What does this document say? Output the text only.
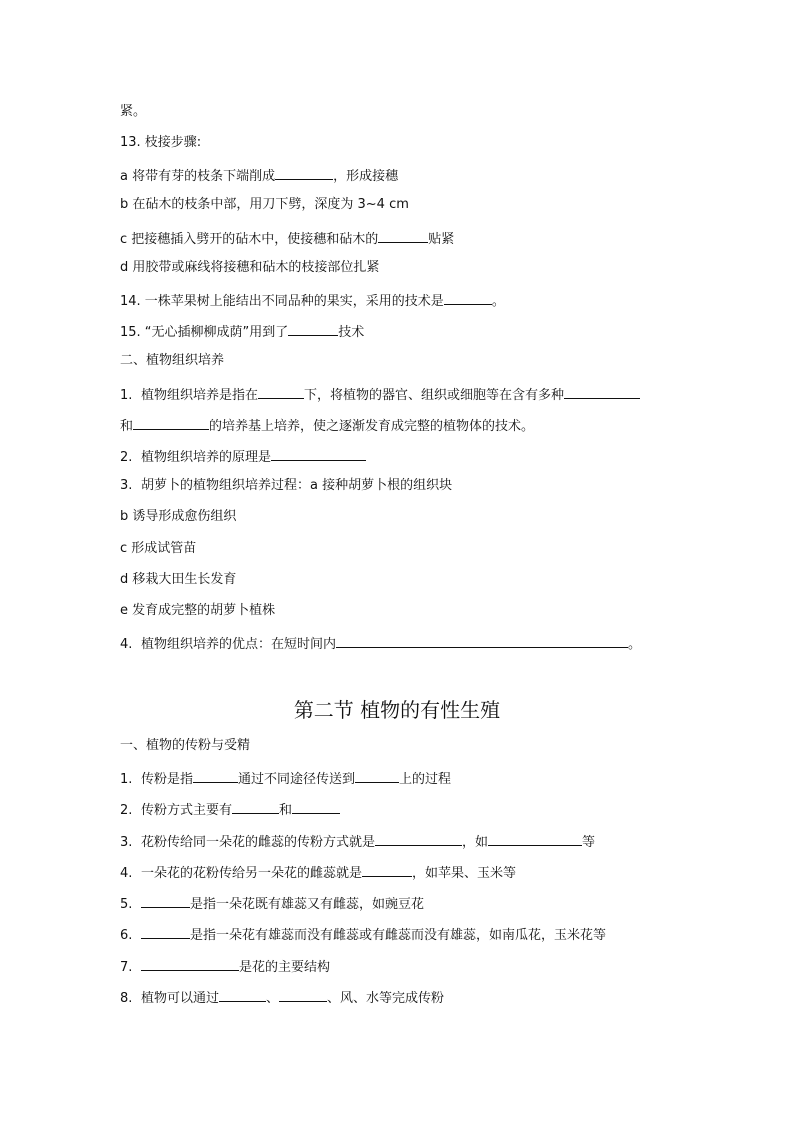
紧。
13. 枝接步骤:
a 将带有芽的枝条下端削成	，形成接穗
b 在砧木的枝条中部，用刀下劈，深度为 3~4 cm
c 把接穗插入劈开的砧木中，使接穗和砧木的	贴紧
d 用胶带或麻线将接穗和砧木的枝接部位扎紧
14. 一株苹果树上能结出不同品种的果实，采用的技术是	。
15. “无心插柳柳成荫”用到了	技术
二、植物组织培养
1. 植物组织培养是指在	下，将植物的器官、组织或细胞等在含有多种
和	的培养基上培养，使之逐渐发育成完整的植物体的技术。
2. 植物组织培养的原理是
3. 胡萝卜的植物组织培养过程：a 接种胡萝卜根的组织块
b 诱导形成愈伤组织
c 形成试管苗
d 移栽大田生长发育
e 发育成完整的胡萝卜植株
4. 植物组织培养的优点：在短时间内	。
第二节 植物的有性生殖
一、植物的传粉与受精
1. 传粉是指	通过不同途径传送到	上的过程
2. 传粉方式主要有	和
3. 花粉传给同一朵花的雌蕊的传粉方式就是	，如	等
4. 一朵花的花粉传给另一朵花的雌蕊就是	，如苹果、玉米等
5.	是指一朵花既有雄蕊又有雌蕊，如豌豆花
6.	是指一朵花有雄蕊而没有雌蕊或有雌蕊而没有雄蕊，如南瓜花，玉米花等
7.	是花的主要结构
8. 植物可以通过	、	、风、水等完成传粉
